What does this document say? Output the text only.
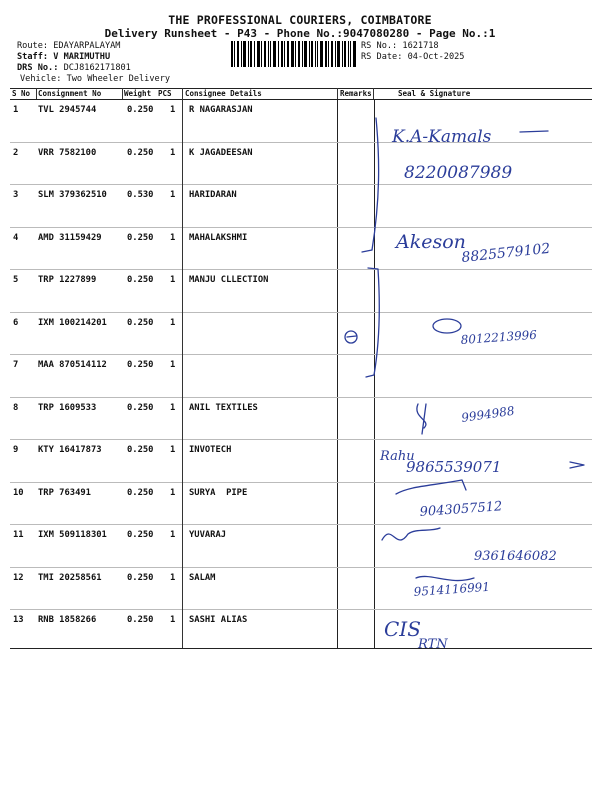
THE PROFESSIONAL COURIERS, COIMBATORE
Delivery Runsheet - P43 - Phone No.:9047080280 - Page No.:1
Route: EDAYARPALAYAM
Staff: V MARIMUTHU
DRS No.: DCJ8162171801
Vehicle: Two Wheeler Delivery
RS No.: 1621718
RS Date: 04-Oct-2025
S No Consignment No	Weight PCS Consignee Details	Remarks	Seal & Signature
1 TVL 2945744	0.250 1 R NAGARASJAN
2 VRR 7582100	0.250 1 K JAGADEESAN
3 SLM 379362510 0.530 1 HARIDARAN
4 AMD 31159429	0.250 1 MAHALAKSHMI
5 TRP 1227899	0.250 1 MANJU CLLECTION
6 IXM 100214201 0.250 1
7 MAA 870514112 0.250 1
8 TRP 1609533	0.250 1 ANIL TEXTILES
9 KTY 16417873	0.250 1 INVOTECH
10 TRP 763491	0.250 1 SURYA  PIPE
11 IXM 509118301 0.250 1 YUVARAJ
12 TMI 20258561	0.250 1 SALAM
13 RNB 1858266	0.250 1 SASHI ALIAS
K.A-Kamals
8220087989
Akeson
8825579102
8012213996
9994988
Rahu
9865539071
9043057512
9361646082
9514116991
CIS
RTN
